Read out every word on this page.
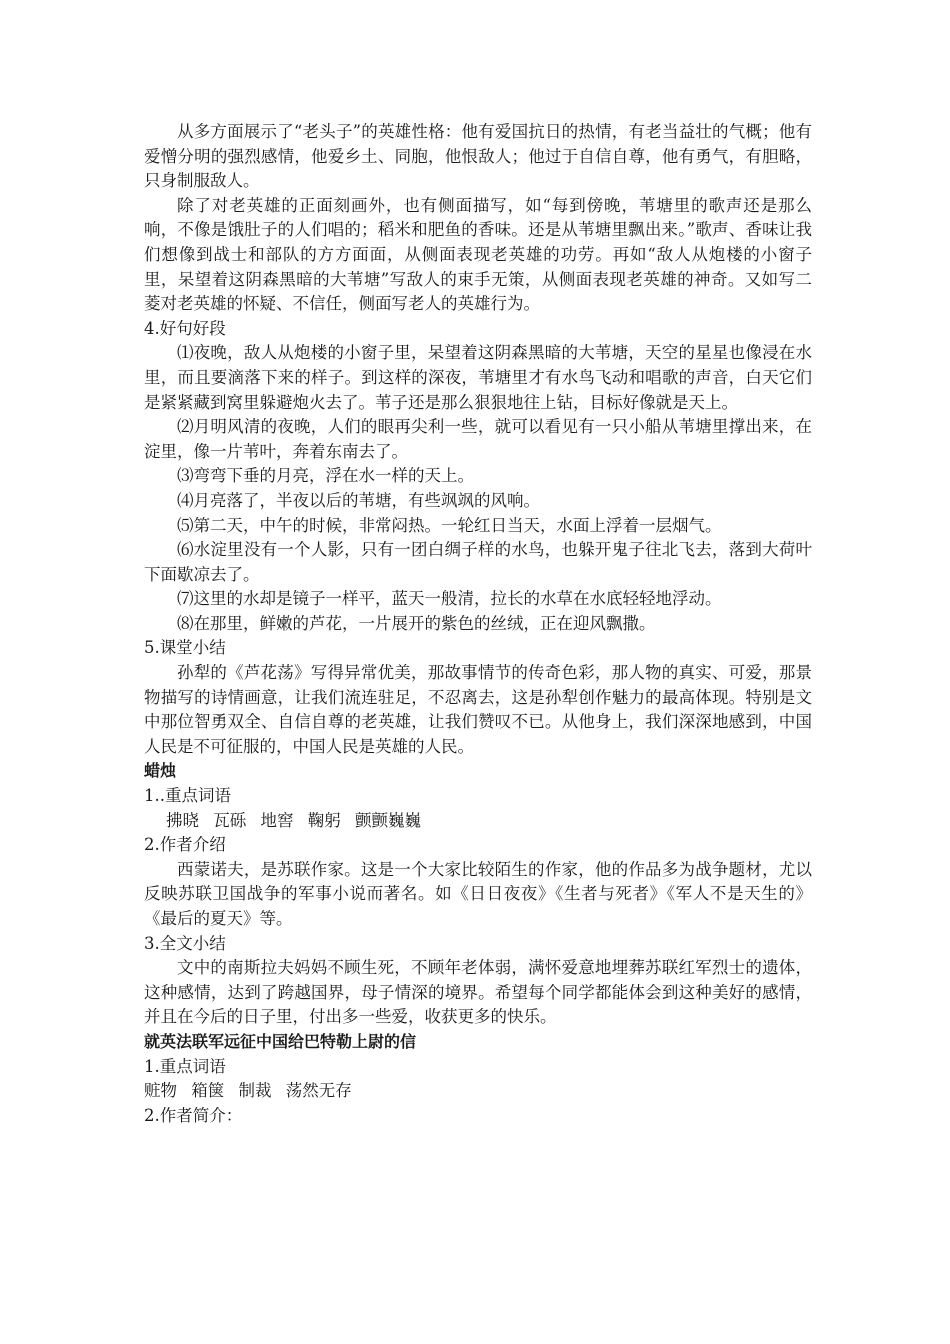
从多方面展示了“老头子”的英雄性格：他有爱国抗日的热情，有老当益壮的气概；他有爱憎分明的强烈感情，他爱乡土、同胞，他恨敌人；他过于自信自尊，他有勇气，有胆略，只身制服敌人。

除了对老英雄的正面刻画外，也有侧面描写，如“每到傍晚，苇塘里的歌声还是那么响，不像是饿肚子的人们唱的；稻米和肥鱼的香味。还是从苇塘里飘出来。”歌声、香味让我们想像到战士和部队的方方面面，从侧面表现老英雄的功劳。再如“敌人从炮楼的小窗子里，呆望着这阴森黑暗的大苇塘”写敌人的束手无策，从侧面表现老英雄的神奇。又如写二菱对老英雄的怀疑、不信任，侧面写老人的英雄行为。

4.好句好段

⑴夜晚，敌人从炮楼的小窗子里，呆望着这阴森黑暗的大苇塘，天空的星星也像浸在水里，而且要滴落下来的样子。到这样的深夜，苇塘里才有水鸟飞动和唱歌的声音，白天它们是紧紧藏到窝里躲避炮火去了。苇子还是那么狠狠地往上钻，目标好像就是天上。

⑵月明风清的夜晚，人们的眼再尖利一些，就可以看见有一只小船从苇塘里撑出来，在淀里，像一片苇叶，奔着东南去了。

⑶弯弯下垂的月亮，浮在水一样的天上。

⑷月亮落了，半夜以后的苇塘，有些飒飒的风响。

⑸第二天，中午的时候，非常闷热。一轮红日当天，水面上浮着一层烟气。

⑹水淀里没有一个人影，只有一团白绸子样的水鸟，也躲开鬼子往北飞去，落到大荷叶下面歇凉去了。

⑺这里的水却是镜子一样平，蓝天一般清，拉长的水草在水底轻轻地浮动。

⑻在那里，鲜嫩的芦花，一片展开的紫色的丝绒，正在迎风飘撒。

5.课堂小结

孙犁的《芦花荡》写得异常优美，那故事情节的传奇色彩，那人物的真实、可爱，那景物描写的诗情画意，让我们流连驻足，不忍离去，这是孙犁创作魅力的最高体现。特别是文中那位智勇双全、自信自尊的老英雄，让我们赞叹不已。从他身上，我们深深地感到，中国人民是不可征服的，中国人民是英雄的人民。

蜡烛

1..重点词语

拂晓 瓦砾 地窖 鞠躬 颤颤巍巍

2.作者介绍

西蒙诺夫，是苏联作家。这是一个大家比较陌生的作家，他的作品多为战争题材，尤以反映苏联卫国战争的军事小说而著名。如《日日夜夜》《生者与死者》《军人不是天生的》《最后的夏天》等。

3.全文小结

文中的南斯拉夫妈妈不顾生死，不顾年老体弱，满怀爱意地埋葬苏联红军烈士的遗体，这种感情，达到了跨越国界，母子情深的境界。希望每个同学都能体会到这种美好的感情，并且在今后的日子里，付出多一些爱，收获更多的快乐。

就英法联军远征中国给巴特勒上尉的信

1.重点词语

赃物 箱箧 制裁 荡然无存

2.作者简介：
